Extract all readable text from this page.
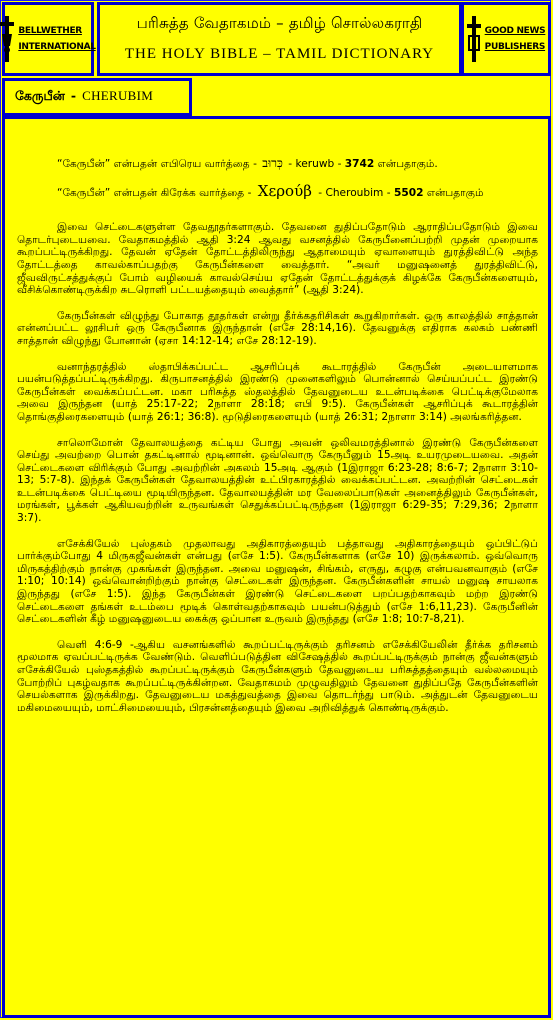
BELLWETHER
INTERNATIONAL
பரிசுத்த வேதாகமம் – தமிழ் சொல்லகராதி
THE HOLY BIBLE – TAMIL DICTIONARY
GOOD NEWS
PUBLISHERS
கேருபீன் - CHERUBIM

“கேருபீன்” என்பதன் எபிரெய வார்த்தை - כְּרוּב - keruwb - 3742 என்பதாகும்.

“கேருபீன்” என்பதன் கிரேக்க வார்த்தை - Χερούβ - Cheroubim - 5502 என்பதாகும்

இவை செட்டைகளுள்ள தேவதூதர்களாகும். தேவனை துதிப்பதோடும் ஆராதிப்பதோடும் இவை தொடர்புடையவை. வேதாகமத்தில் ஆதி 3:24 ஆவது வசனத்தில் கேருபீனைப்பற்றி முதன் முறையாக கூறப்பட்டிருக்கிறது. தேவன் ஏதேன் தோட்டத்திலிருந்து ஆதாமையும் ஏவாளையும் துரத்திவிட்டு அந்த தோட்டத்தை காவல்காப்பதற்கு கேருபீன்களை வைத்தார். “அவர் மனுஷனைத் துரத்திவிட்டு, ஜீவவிருட்சத்துக்குப் போம் வழியைக் காவல்செய்ய ஏதேன் தோட்டத்துக்குக் கிழக்கே கேருபீன்களையும், வீசிக்கொண்டிருக்கிற சுடரொளி பட்டயத்தையும் வைத்தார்” (ஆதி 3:24).

கேருபீன்கள் விழுந்து போகாத தூதர்கள் என்று தீர்க்கதரிசிகள் கூறுகிறார்கள். ஒரு காலத்தில் சாத்தான் என்னப்பட்ட லூசிபர் ஒரு கேருபீனாக இருந்தான் (எசே 28:14,16). தேவனுக்கு எதிராக கலகம் பண்ணி சாத்தான் விழுந்து போனான் (ஏசா 14:12-14; எசே 28:12-19).

வனாந்தரத்தில் ஸ்தாபிக்கப்பட்ட ஆசரிப்புக் கூடாரத்தில் கேருபீன் அடையாளமாக பயன்படுத்தப்பட்டிருக்கிறது. கிருபாசனத்தில் இரண்டு முனைகளிலும் பொன்னால் செய்யப்பட்ட இரண்டு கேருபீன்கள் வைக்கப்பட்டன. மகா பரிசுத்த ஸ்தலத்தில் தேவனுடைய உடன்படிக்கை பெட்டிக்குமேலாக அவை இருந்தன (யாத் 25:17-22; 2நாளா 28:18; எபி 9:5). கேருபீன்கள் ஆசரிப்புக் கூடாரத்தின் தொங்குதிரைகளையும் (யாத் 26:1; 36:8). மூடுதிரைகளையும் (யாத் 26:31; 2நாளா 3:14) அலங்கரித்தன.

சாலொமோன் தேவாலயத்தை கட்டிய போது அவன் ஒலிவமரத்தினால் இரண்டு கேருபீன்களை செய்து அவற்றை பொன் தகட்டினால் மூடினான். ஒவ்வொரு கேருபீனும் 15அடி உயரமுடையவை. அதன் செட்டைகளை விரிக்கும் போது அவற்றின் அகலம் 15அடி ஆகும் (1இராஜா 6:23-28; 8:6-7; 2நாளா 3:10-13; 5:7-8). இந்தக் கேருபீன்கள் தேவாலயத்தின் உட்பிரகாரத்தில் வைக்கப்பட்டன. அவற்றின் செட்டைகள் உடன்படிக்கை பெட்டியை மூடியிருந்தன. தேவாலயத்தின் மர வேலைப்பாடுகள் அனைத்திலும் கேருபீன்கள், மரங்கள், பூக்கள் ஆகியவற்றின் உருவங்கள் செதுக்கப்பட்டிருந்தன (1இராஜா 6:29-35; 7:29,36; 2நாளா 3:7).

எசேக்கியேல் புஸ்தகம் முதலாவது அதிகாரத்தையும் பத்தாவது அதிகாரத்தையும் ஒப்பிட்டுப் பார்க்கும்போது 4 மிருகஜீவன்கள் என்பது (எசே 1:5). கேருபீன்களாக (எசே 10) இருக்கலாம். ஒவ்வொரு மிருகத்திற்கும் நான்கு முகங்கள் இருந்தன. அவை மனுஷன், சிங்கம், எருது, கழுகு என்பவனவாகும் (எசே 1:10; 10:14) ஒவ்வொன்றிற்கும் நான்கு செட்டைகள் இருந்தன. கேருபீன்களின் சாயல் மனுஷ சாயலாக இருந்தது (எசே 1:5). இந்த கேருபீன்கள் இரண்டு செட்டைகளை பறப்பதற்காகவும் மற்ற இரண்டு செட்டைகளை தங்கள் உடம்பை மூடிக் கொள்வதற்காகவும் பயன்படுத்தும் (எசே 1:6,11,23). கேருபீனின் செட்டைகளின் கீழ் மனுஷனுடைய கைக்கு ஒப்பான உருவம் இருந்தது (எசே 1:8; 10:7-8,21).

வெளி 4:6-9 -ஆகிய வசனங்களில் கூறப்பட்டிருக்கும் தரிசனம் எசேக்கியேலின் தீர்க்க தரிசனம் மூலமாக ஏவப்பட்டிருக்க வேண்டும். வெளிப்படுத்தின விசேஷத்தில் கூறப்பட்டிருக்கும் நான்கு ஜீவன்களும் எசேக்கியேல் புஸ்தகத்தில் கூறப்பட்டிருக்கும் கேருபீன்களும் தேவனுடைய பரிசுத்தத்தையும் வல்லமையும் போற்றிப் புகழ்வதாக கூறப்பட்டிருக்கின்றன. வேதாகமம் முழுவதிலும் தேவனை துதிப்பதே கேருபீன்களின் செயல்களாக இருக்கிறது. தேவனுடைய மகத்துவத்தை இவை தொடர்ந்து பாடும். அத்துடன் தேவனுடைய மகிமையையும், மாட்சிமையையும், பிரசன்னத்தையும் இவை அறிவித்துக் கொண்டிருக்கும்.
